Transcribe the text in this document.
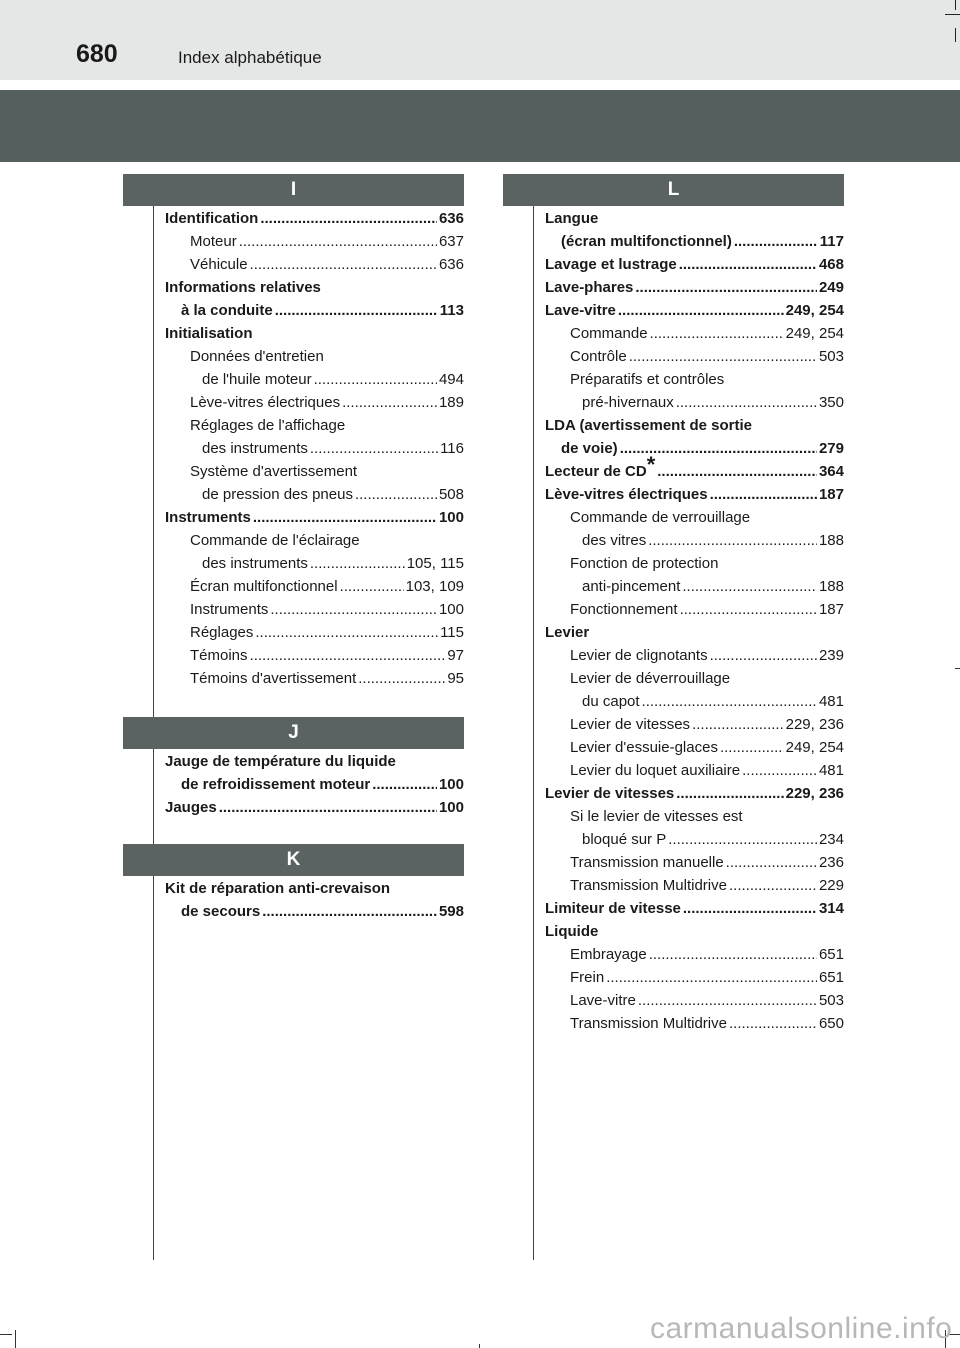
680	Index alphabétique
I
Identification .....	636
Moteur .....	637
Véhicule .....	636
Informations relatives
à la conduite .....	113
Initialisation
Données d'entretien
de l'huile moteur .....	494
Lève-vitres électriques .....	189
Réglages de l'affichage
des instruments .....	116
Système d'avertissement
de pression des pneus .....	508
Instruments .....	100
Commande de l'éclairage
des instruments .....	105, 115
Écran multifonctionnel .....	103, 109
Instruments .....	100
Réglages .....	115
Témoins .....	97
Témoins d'avertissement .....	95
J
Jauge de température du liquide
de refroidissement moteur .....	100
Jauges .....	100
K
Kit de réparation anti-crevaison
de secours .....	598
L
Langue
(écran multifonctionnel) .....	117
Lavage et lustrage .....	468
Lave-phares .....	249
Lave-vitre .....	249, 254
Commande .....	249, 254
Contrôle .....	503
Préparatifs et contrôles
pré-hivernaux .....	350
LDA (avertissement de sortie
de voie) .....	279
Lecteur de CD* .....	364
Lève-vitres électriques .....	187
Commande de verrouillage
des vitres .....	188
Fonction de protection
anti-pincement .....	188
Fonctionnement .....	187
Levier
Levier de clignotants .....	239
Levier de déverrouillage
du capot .....	481
Levier de vitesses .....	229, 236
Levier d'essuie-glaces .....	249, 254
Levier du loquet auxiliaire .....	481
Levier de vitesses .....	229, 236
Si le levier de vitesses est
bloqué sur P .....	234
Transmission manuelle .....	236
Transmission Multidrive .....	229
Limiteur de vitesse .....	314
Liquide
Embrayage .....	651
Frein .....	651
Lave-vitre .....	503
Transmission Multidrive .....	650
carmanualsonline.info
